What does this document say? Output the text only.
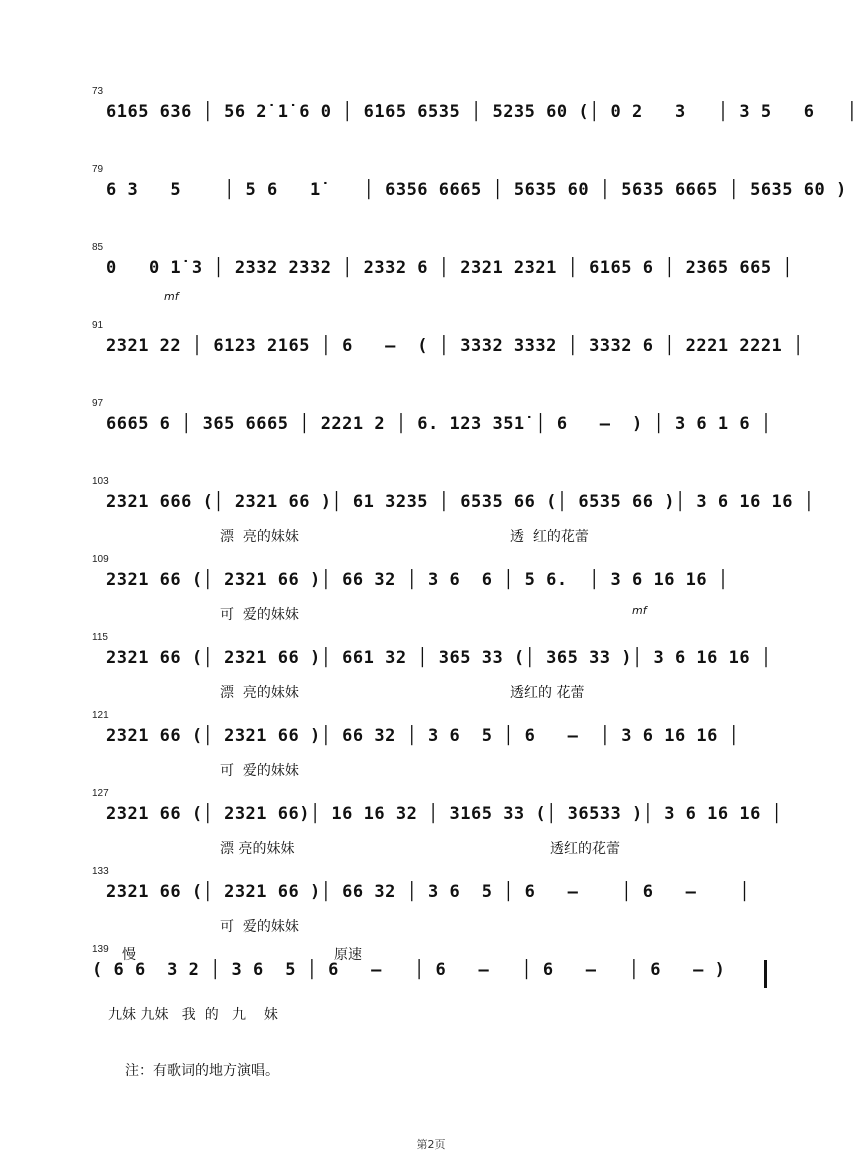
73
6̇165 636 │ 56 2̇ 1̇ 6 0 │ 6̇165 6535 │ 5235 60 (│ 0 2   3   │ 3 5   6   │
79
6 3   5    │ 5 6   1̇    │ 6356 6665 │ 5635 60 │ 5635 6665 │ 5635 60 )
85
0   0 1̇ 3 │ 2332 2332 │ 2332 6 │ 2321 2321 │ 6165 6 │ 2365 665 │
mf
91
2321 22 │ 6123 2165 │ 6   –  ( │ 3332 3332 │ 3332 6 │ 2221 2221 │
97
6665 6 │ 365 6665 │ 2221 2 │ 6. 123 351̇ │ 6   –  ) │ 3 6 1 6 │
103
2321 666 (│ 2321 66 )│ 61 3235 │ 6535 66 (│ 6535 66 )│ 3 6 16 16 │
漂  亮的妹妹	透  红的花蕾
109
2321 66 (│ 2321 66 )│ 66 32 │ 3 6  6 │ 5 6.  │ 3 6 16 16 │
可  爱的妹妹	mf
115
2321 66 (│ 2321 66 )│ 661 32 │ 365 33 (│ 365 33 )│ 3 6 16 16 │
漂  亮的妹妹	透红的 花蕾
121
2321 66 (│ 2321 66 )│ 66 32 │ 3 6  5 │ 6   –  │ 3 6 16 16 │
可  爱的妹妹
127
2321 66 (│ 2321 66)│ 16 16 32 │ 3165 33 (│ 36533 )│ 3 6 16 16 │
漂 亮的妹妹	透红的花蕾
133
2321 66 (│ 2321 66 )│ 66 32 │ 3 6  5 │ 6   –    │ 6   –    │
可  爱的妹妹
139 慢	原速
( 6 6  3 2 │ 3 6  5 │ 6   –   │ 6   –   │ 6   –   │ 6   – )
九妹 九妹   我  的   九    妹
注：有歌词的地方演唱。
第2页
